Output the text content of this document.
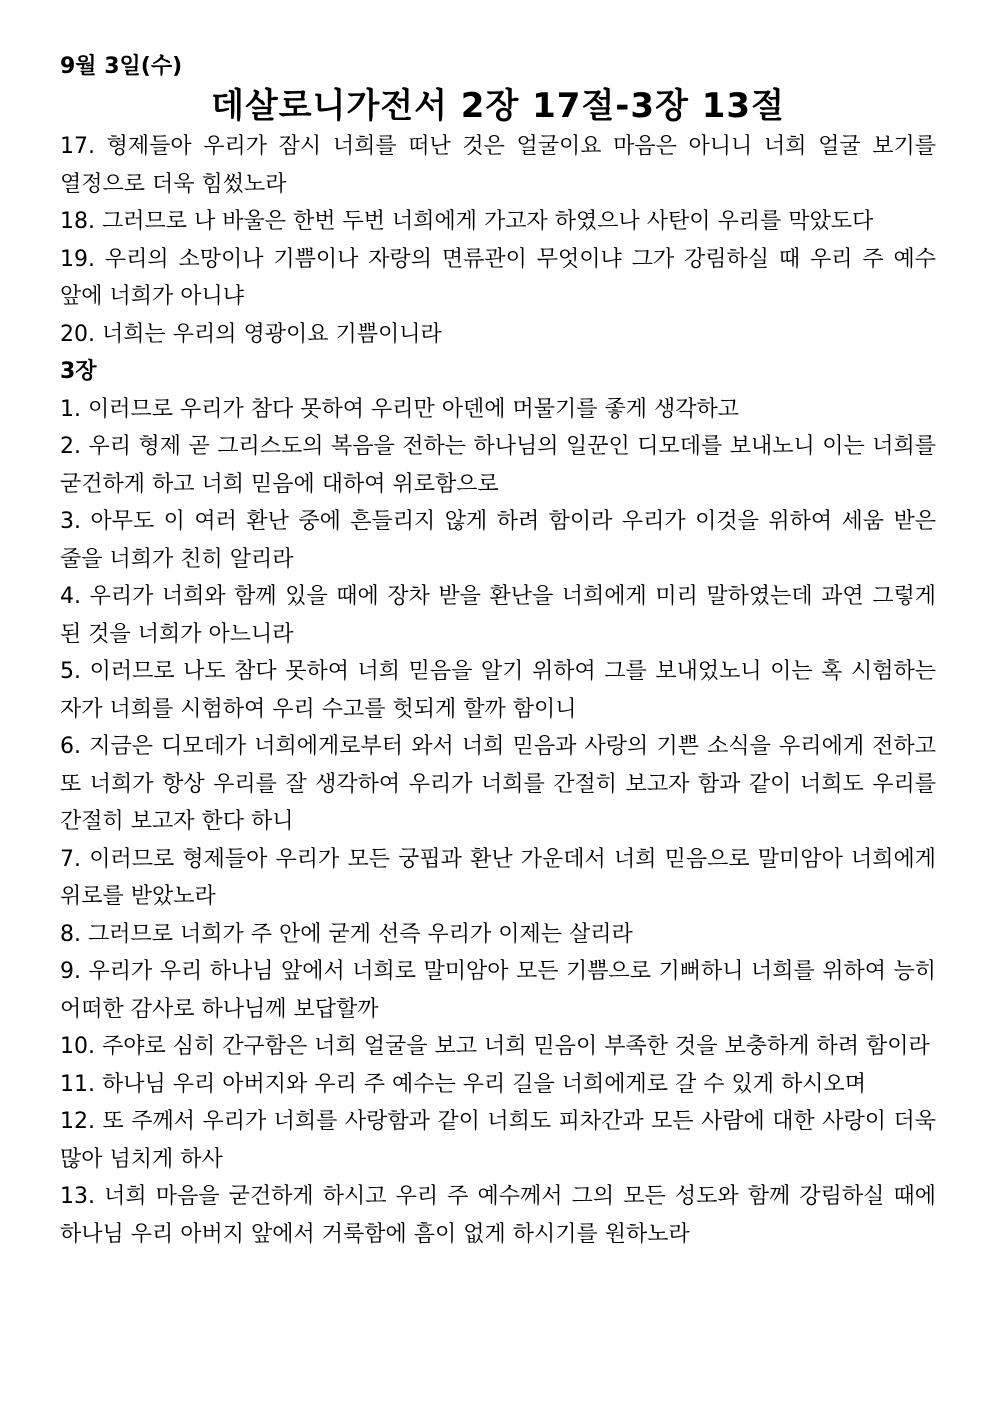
9월 3일(수)
데살로니가전서 2장 17절-3장 13절

17. 형제들아 우리가 잠시 너희를 떠난 것은 얼굴이요 마음은 아니니 너희 얼굴 보기를 열정으로 더욱 힘썼노라

18. 그러므로 나 바울은 한번 두번 너희에게 가고자 하였으나 사탄이 우리를 막았도다

19. 우리의 소망이나 기쁨이나 자랑의 면류관이 무엇이냐 그가 강림하실 때 우리 주 예수 앞에 너희가 아니냐

20. 너희는 우리의 영광이요 기쁨이니라

3장

1. 이러므로 우리가 참다 못하여 우리만 아덴에 머물기를 좋게 생각하고

2. 우리 형제 곧 그리스도의 복음을 전하는 하나님의 일꾼인 디모데를 보내노니 이는 너희를 굳건하게 하고 너희 믿음에 대하여 위로함으로

3. 아무도 이 여러 환난 중에 흔들리지 않게 하려 함이라 우리가 이것을 위하여 세움 받은 줄을 너희가 친히 알리라

4. 우리가 너희와 함께 있을 때에 장차 받을 환난을 너희에게 미리 말하였는데 과연 그렇게 된 것을 너희가 아느니라

5. 이러므로 나도 참다 못하여 너희 믿음을 알기 위하여 그를 보내었노니 이는 혹 시험하는 자가 너희를 시험하여 우리 수고를 헛되게 할까 함이니

6. 지금은 디모데가 너희에게로부터 와서 너희 믿음과 사랑의 기쁜 소식을 우리에게 전하고 또 너희가 항상 우리를 잘 생각하여 우리가 너희를 간절히 보고자 함과 같이 너희도 우리를 간절히 보고자 한다 하니

7. 이러므로 형제들아 우리가 모든 궁핍과 환난 가운데서 너희 믿음으로 말미암아 너희에게 위로를 받았노라

8. 그러므로 너희가 주 안에 굳게 선즉 우리가 이제는 살리라

9. 우리가 우리 하나님 앞에서 너희로 말미암아 모든 기쁨으로 기뻐하니 너희를 위하여 능히 어떠한 감사로 하나님께 보답할까

10. 주야로 심히 간구함은 너희 얼굴을 보고 너희 믿음이 부족한 것을 보충하게 하려 함이라

11. 하나님 우리 아버지와 우리 주 예수는 우리 길을 너희에게로 갈 수 있게 하시오며

12. 또 주께서 우리가 너희를 사랑함과 같이 너희도 피차간과 모든 사람에 대한 사랑이 더욱 많아 넘치게 하사

13. 너희 마음을 굳건하게 하시고 우리 주 예수께서 그의 모든 성도와 함께 강림하실 때에 하나님 우리 아버지 앞에서 거룩함에 흠이 없게 하시기를 원하노라
